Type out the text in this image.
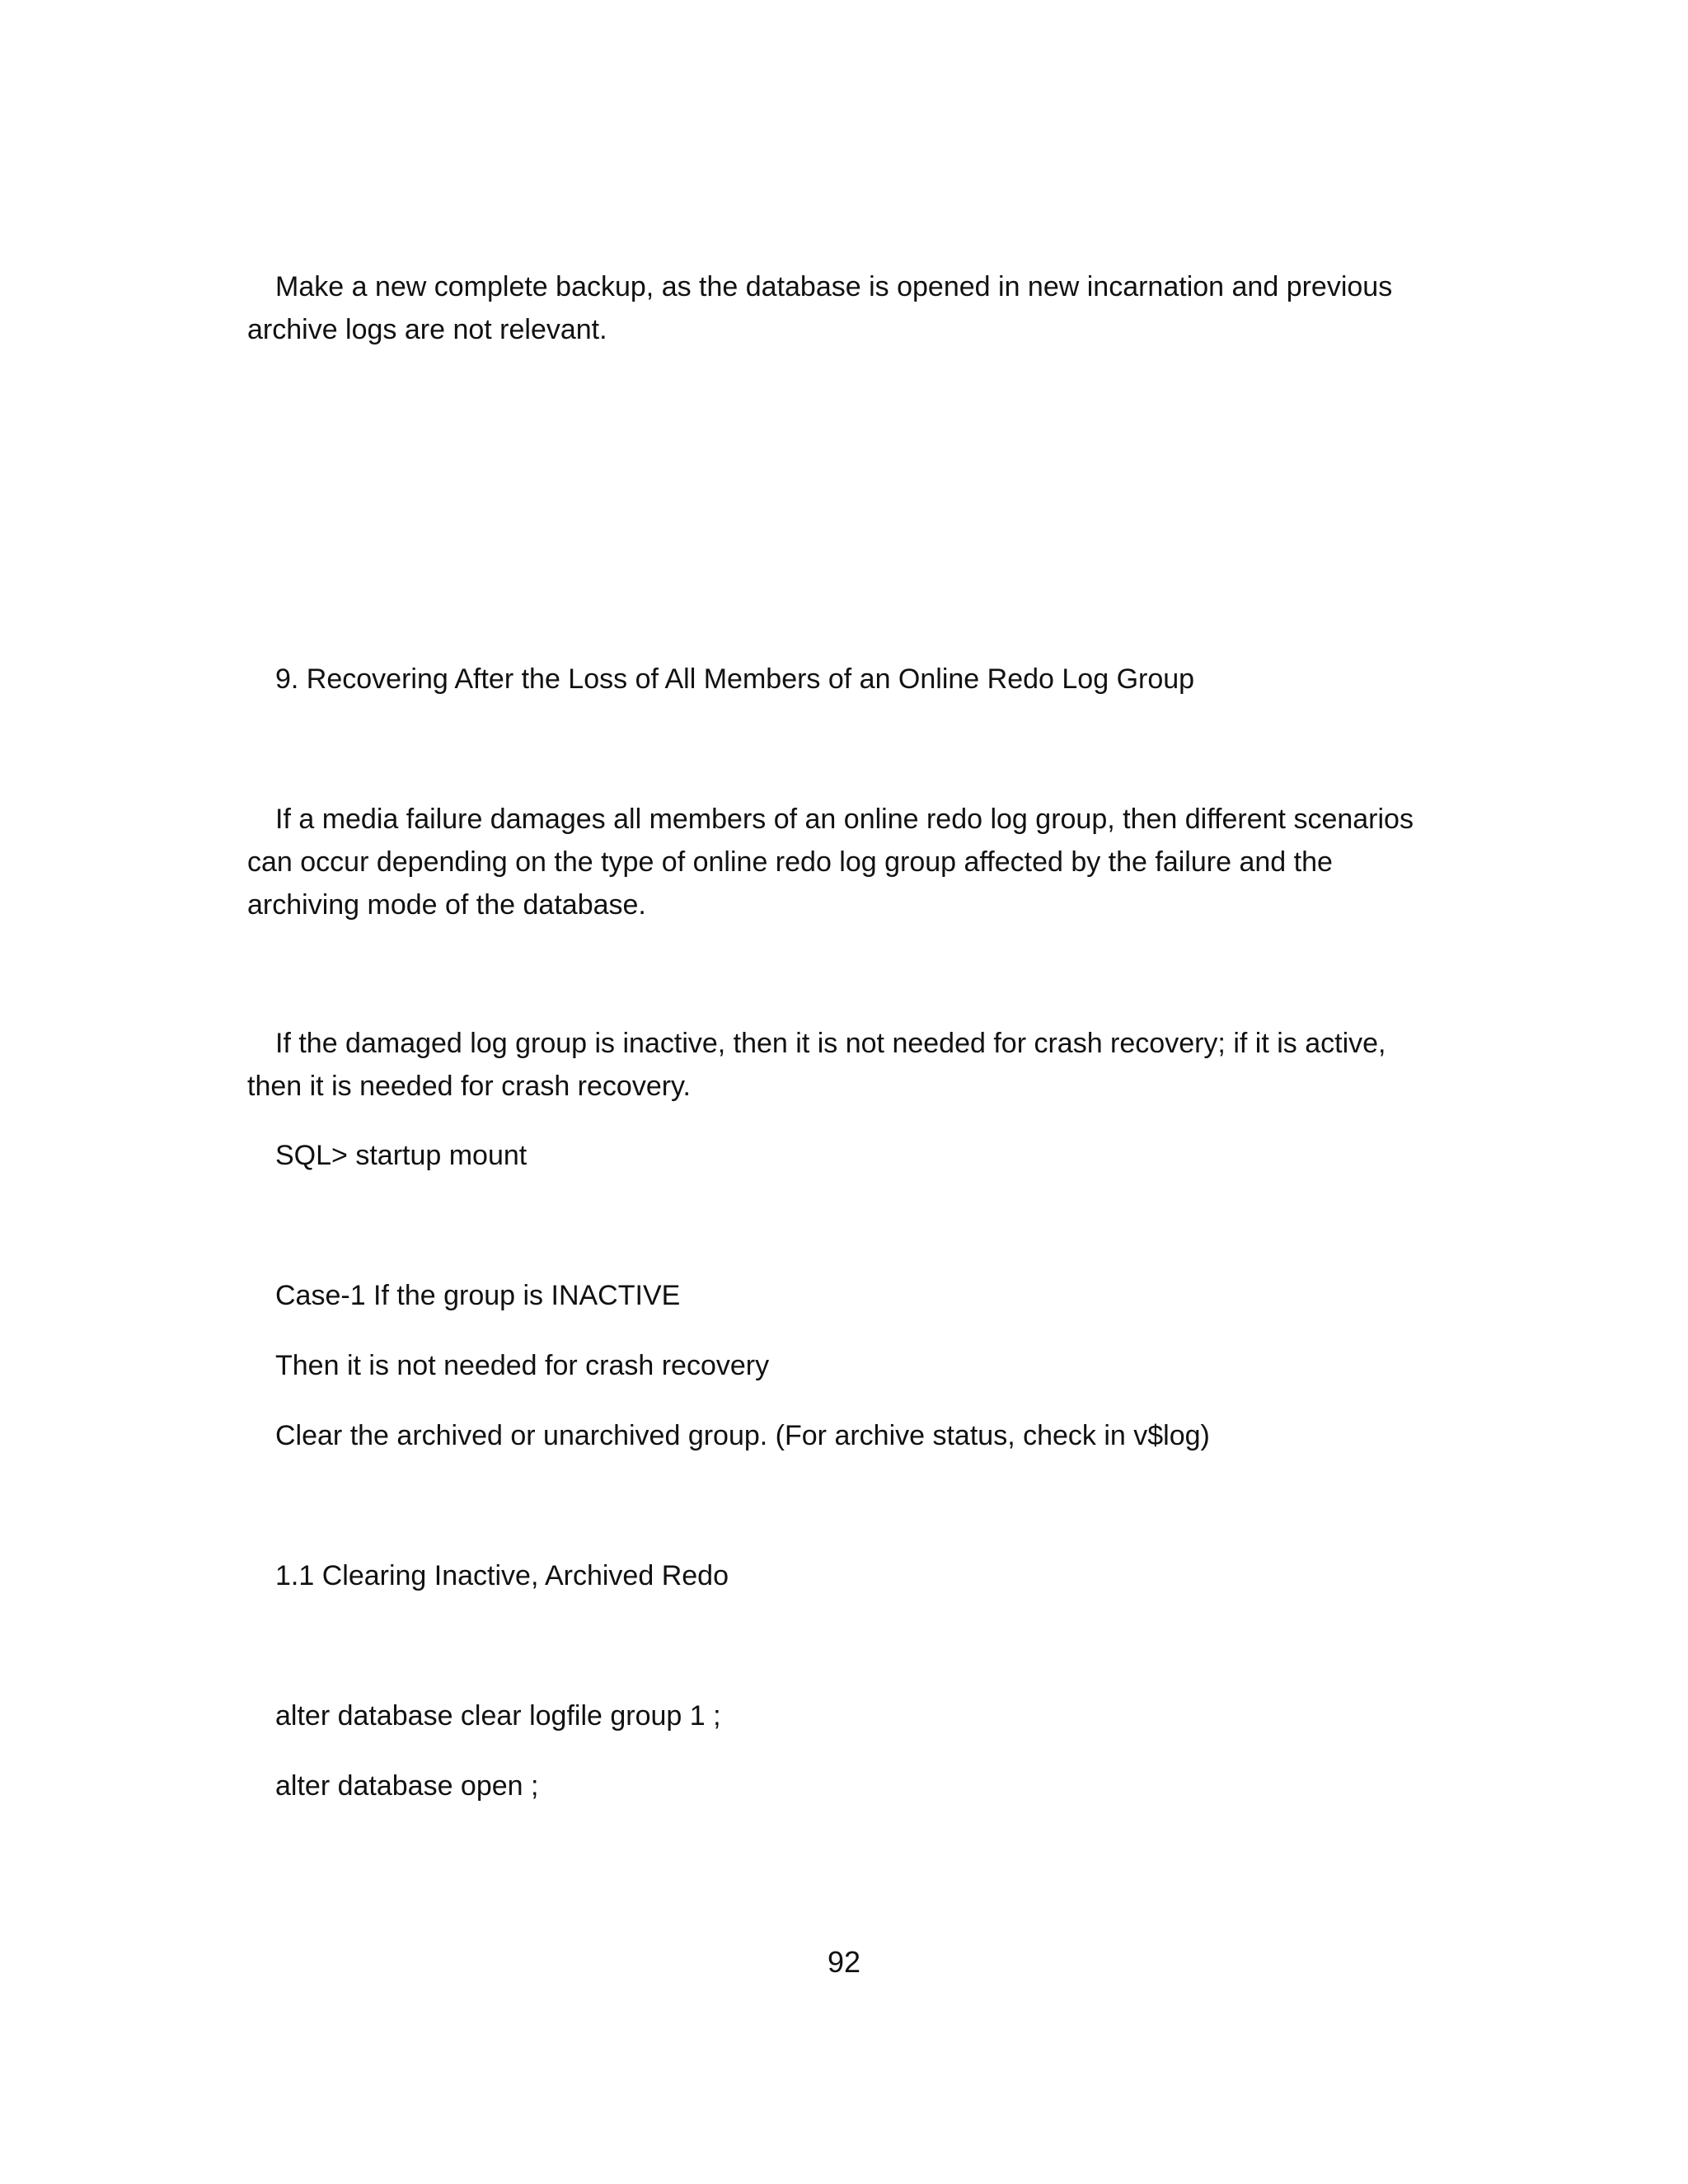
Make a new complete backup, as the database is opened in new incarnation and previous archive logs are not relevant.

9. Recovering After the Loss of All Members of an Online Redo Log Group

If a media failure damages all members of an online redo log group, then different scenarios can occur depending on the type of online redo log group affected by the failure and the archiving mode of the database.

If the damaged log group is inactive, then it is not needed for crash recovery; if it is active, then it is needed for crash recovery.

SQL> startup mount

Case-1 If the group is INACTIVE

Then it is not needed for crash recovery

Clear the archived or unarchived group. (For archive status, check in v$log)

1.1 Clearing Inactive, Archived Redo

alter database clear logfile group 1 ;

alter database open ;

92
